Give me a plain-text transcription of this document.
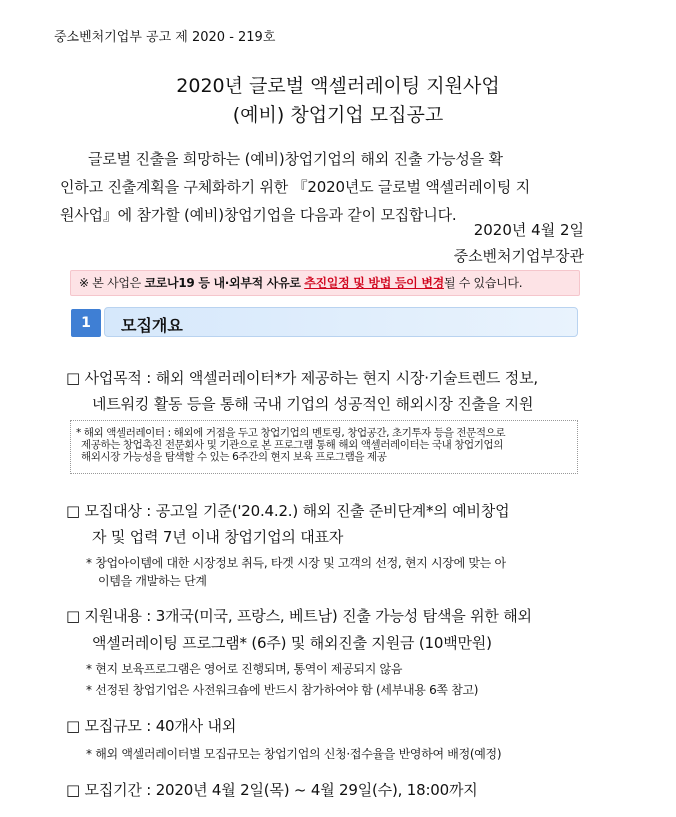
중소벤처기업부 공고 제 2020 - 219호
2020년 글로벌 액셀러레이팅 지원사업
(예비) 창업기업 모집공고
글로벌 진출을 희망하는 (예비)창업기업의 해외 진출 가능성을 확
인하고 진출계획을 구체화하기 위한 『2020년도 글로벌 액셀러레이팅 지
원사업』에 참가할 (예비)창업기업을 다음과 같이 모집합니다.
2020년 4월 2일
중소벤처기업부장관
※ 본 사업은 코로나19 등 내·외부적 사유로 추진일정 및 방법 등이 변경될 수 있습니다.
1	모집개요
□ 사업목적 : 해외 액셀러레이터*가 제공하는 현지 시장·기술트렌드 정보,
네트워킹 활동 등을 통해 국내 기업의 성공적인 해외시장 진출을 지원
* 해외 액셀러레이터 : 해외에 거점을 두고 창업기업의 멘토링, 창업공간, 초기투자 등을 전문적으로
제공하는 창업촉진 전문회사 및 기관으로 본 프로그램 통해 해외 액셀러레이터는 국내 창업기업의
해외시장 가능성을 탐색할 수 있는 6주간의 현지 보육 프로그램을 제공
□ 모집대상 : 공고일 기준('20.4.2.) 해외 진출 준비단계*의 예비창업
자 및 업력 7년 이내 창업기업의 대표자
* 창업아이템에 대한 시장정보 취득, 타겟 시장 및 고객의 선정, 현지 시장에 맞는 아
이템을 개발하는 단계
□ 지원내용 : 3개국(미국, 프랑스, 베트남) 진출 가능성 탐색을 위한 해외
액셀러레이팅 프로그램* (6주) 및 해외진출 지원금 (10백만원)
* 현지 보육프로그램은 영어로 진행되며, 통역이 제공되지 않음
* 선정된 창업기업은 사전워크숍에 반드시 참가하여야 함 (세부내용 6쪽 참고)
□ 모집규모 : 40개사 내외
* 해외 액셀러레이터별 모집규모는 창업기업의 신청·접수율을 반영하여 배정(예정)
□ 모집기간 : 2020년 4월 2일(목) ~ 4월 29일(수), 18:00까지
